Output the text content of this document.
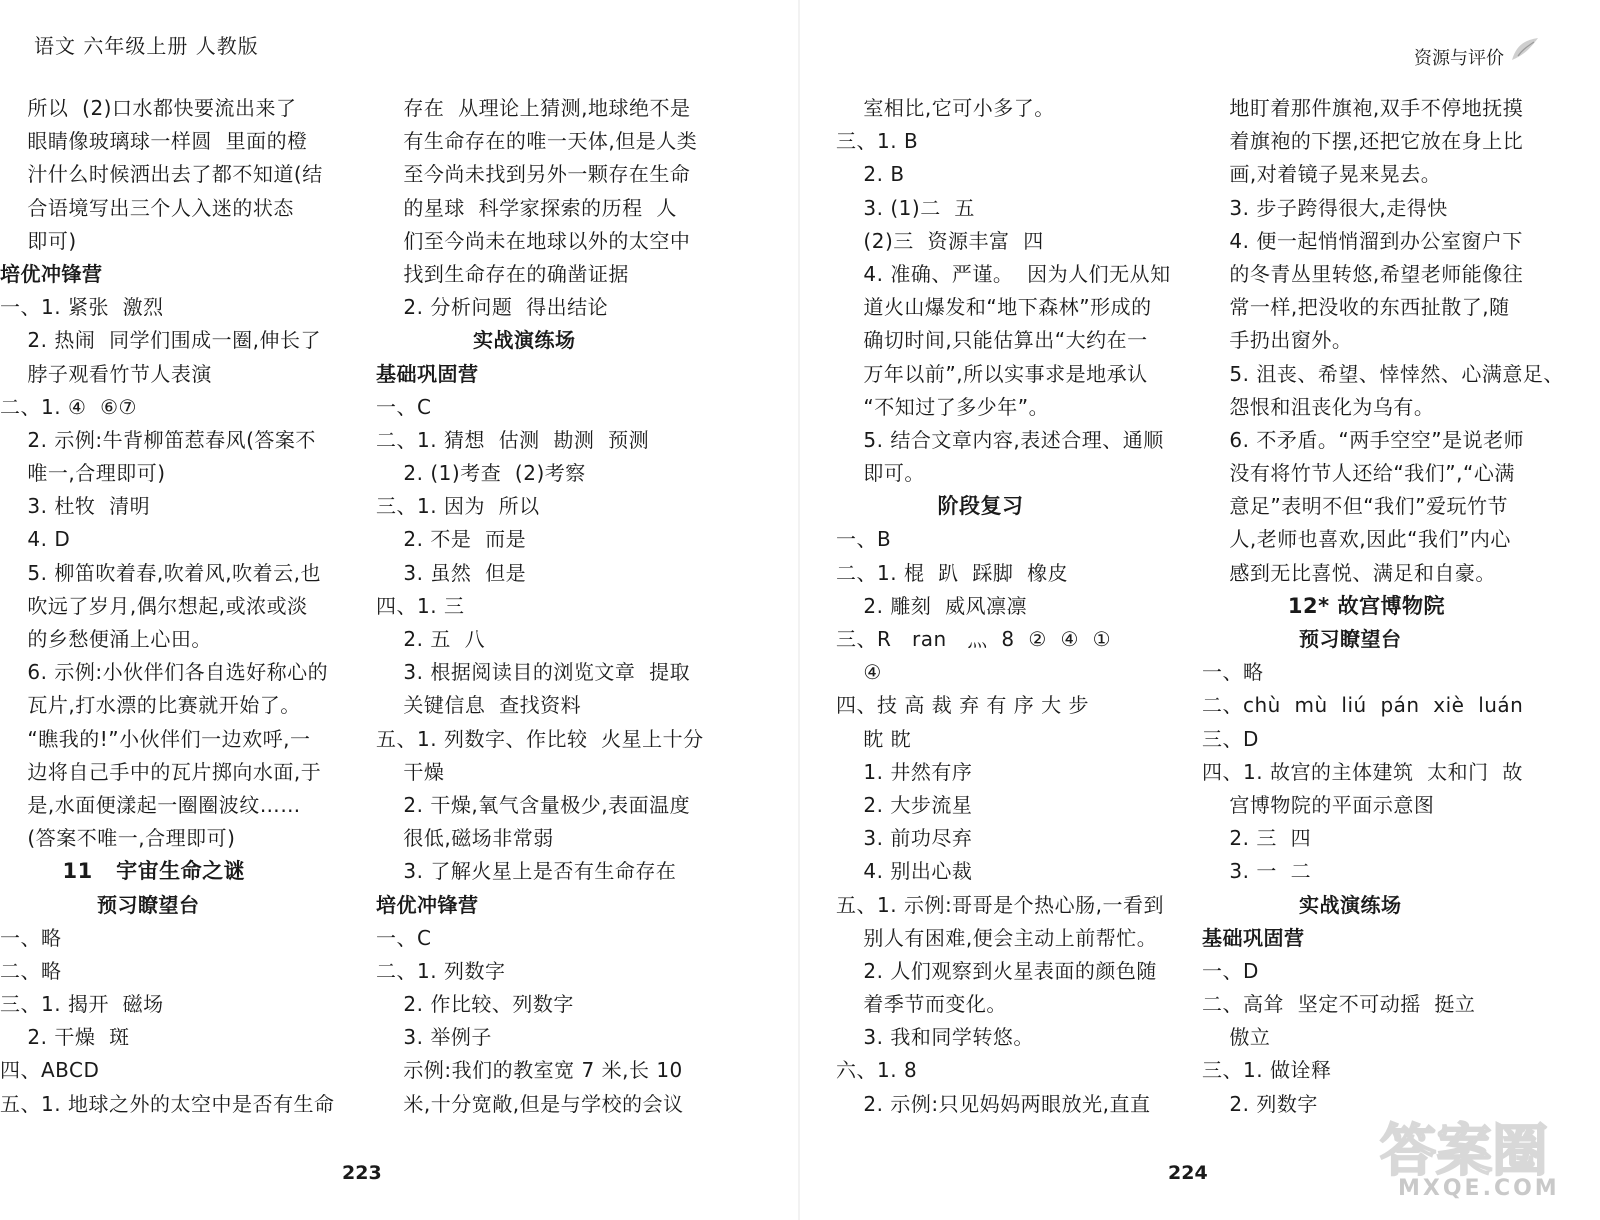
语文 六年级上册 人教版
资源与评价
所以  (2)口水都快要流出来了
眼睛像玻璃球一样圆  里面的橙
汁什么时候洒出去了都不知道(结
合语境写出三个人入迷的状态
即可)
培优冲锋营
一、1. 紧张  激烈
2. 热闹  同学们围成一圈,伸长了
脖子观看竹节人表演
二、1. ④  ⑥⑦
2. 示例:牛背柳笛惹春风(答案不
唯一,合理即可)
3. 杜牧  清明
4. D
5. 柳笛吹着春,吹着风,吹着云,也
吹远了岁月,偶尔想起,或浓或淡
的乡愁便涌上心田。
6. 示例:小伙伴们各自选好称心的
瓦片,打水漂的比赛就开始了。
“瞧我的!”小伙伴们一边欢呼,一
边将自己手中的瓦片掷向水面,于
是,水面便漾起一圈圈波纹……
(答案不唯一,合理即可)
11   宇宙生命之谜
预习瞭望台
一、略
二、略
三、1. 揭开  磁场
2. 干燥  斑
四、ABCD
五、1. 地球之外的太空中是否有生命
存在  从理论上猜测,地球绝不是
有生命存在的唯一天体,但是人类
至今尚未找到另外一颗存在生命
的星球  科学家探索的历程  人
们至今尚未在地球以外的太空中
找到生命存在的确凿证据
2. 分析问题  得出结论
实战演练场
基础巩固营
一、C
二、1. 猜想  估测  勘测  预测
2. (1)考查  (2)考察
三、1. 因为  所以
2. 不是  而是
3. 虽然  但是
四、1. 三
2. 五  八
3. 根据阅读目的浏览文章  提取
关键信息  查找资料
五、1. 列数字、作比较  火星上十分
干燥
2. 干燥,氧气含量极少,表面温度
很低,磁场非常弱
3. 了解火星上是否有生命存在
培优冲锋营
一、C
二、1. 列数字
2. 作比较、列数字
3. 举例子
示例:我们的教室宽 7 米,长 10
米,十分宽敞,但是与学校的会议
室相比,它可小多了。
三、1. B
2. B
3. (1)二  五
(2)三  资源丰富  四
4. 准确、严谨。  因为人们无从知
道火山爆发和“地下森林”形成的
确切时间,只能估算出“大约在一
万年以前”,所以实事求是地承认
“不知过了多少年”。
5. 结合文章内容,表述合理、通顺
即可。
阶段复习
一、B
二、1. 棍  趴  踩脚  橡皮
2. 雕刻  威风凛凛
三、R   ran   灬  8  ②  ④  ①
④
四、技 高 裁 弃 有 序 大 步
眈 眈
1. 井然有序
2. 大步流星
3. 前功尽弃
4. 别出心裁
五、1. 示例:哥哥是个热心肠,一看到
别人有困难,便会主动上前帮忙。
2. 人们观察到火星表面的颜色随
着季节而变化。
3. 我和同学转悠。
六、1. 8
2. 示例:只见妈妈两眼放光,直直
地盯着那件旗袍,双手不停地抚摸
着旗袍的下摆,还把它放在身上比
画,对着镜子晃来晃去。
3. 步子跨得很大,走得快
4. 便一起悄悄溜到办公室窗户下
的冬青丛里转悠,希望老师能像往
常一样,把没收的东西扯散了,随
手扔出窗外。
5. 沮丧、希望、悻悻然、心满意足、
怨恨和沮丧化为乌有。
6. 不矛盾。“两手空空”是说老师
没有将竹节人还给“我们”,“心满
意足”表明不但“我们”爱玩竹节
人,老师也喜欢,因此“我们”内心
感到无比喜悦、满足和自豪。
12* 故宫博物院
预习瞭望台
一、略
二、chù  mù  liú  pán  xiè  luán
三、D
四、1. 故宫的主体建筑  太和门  故
宫博物院的平面示意图
2. 三  四
3. 一  二
实战演练场
基础巩固营
一、D
二、高耸  坚定不可动摇  挺立
傲立
三、1. 做诠释
2. 列数字
223	224	答案圈
MXQE.COM
